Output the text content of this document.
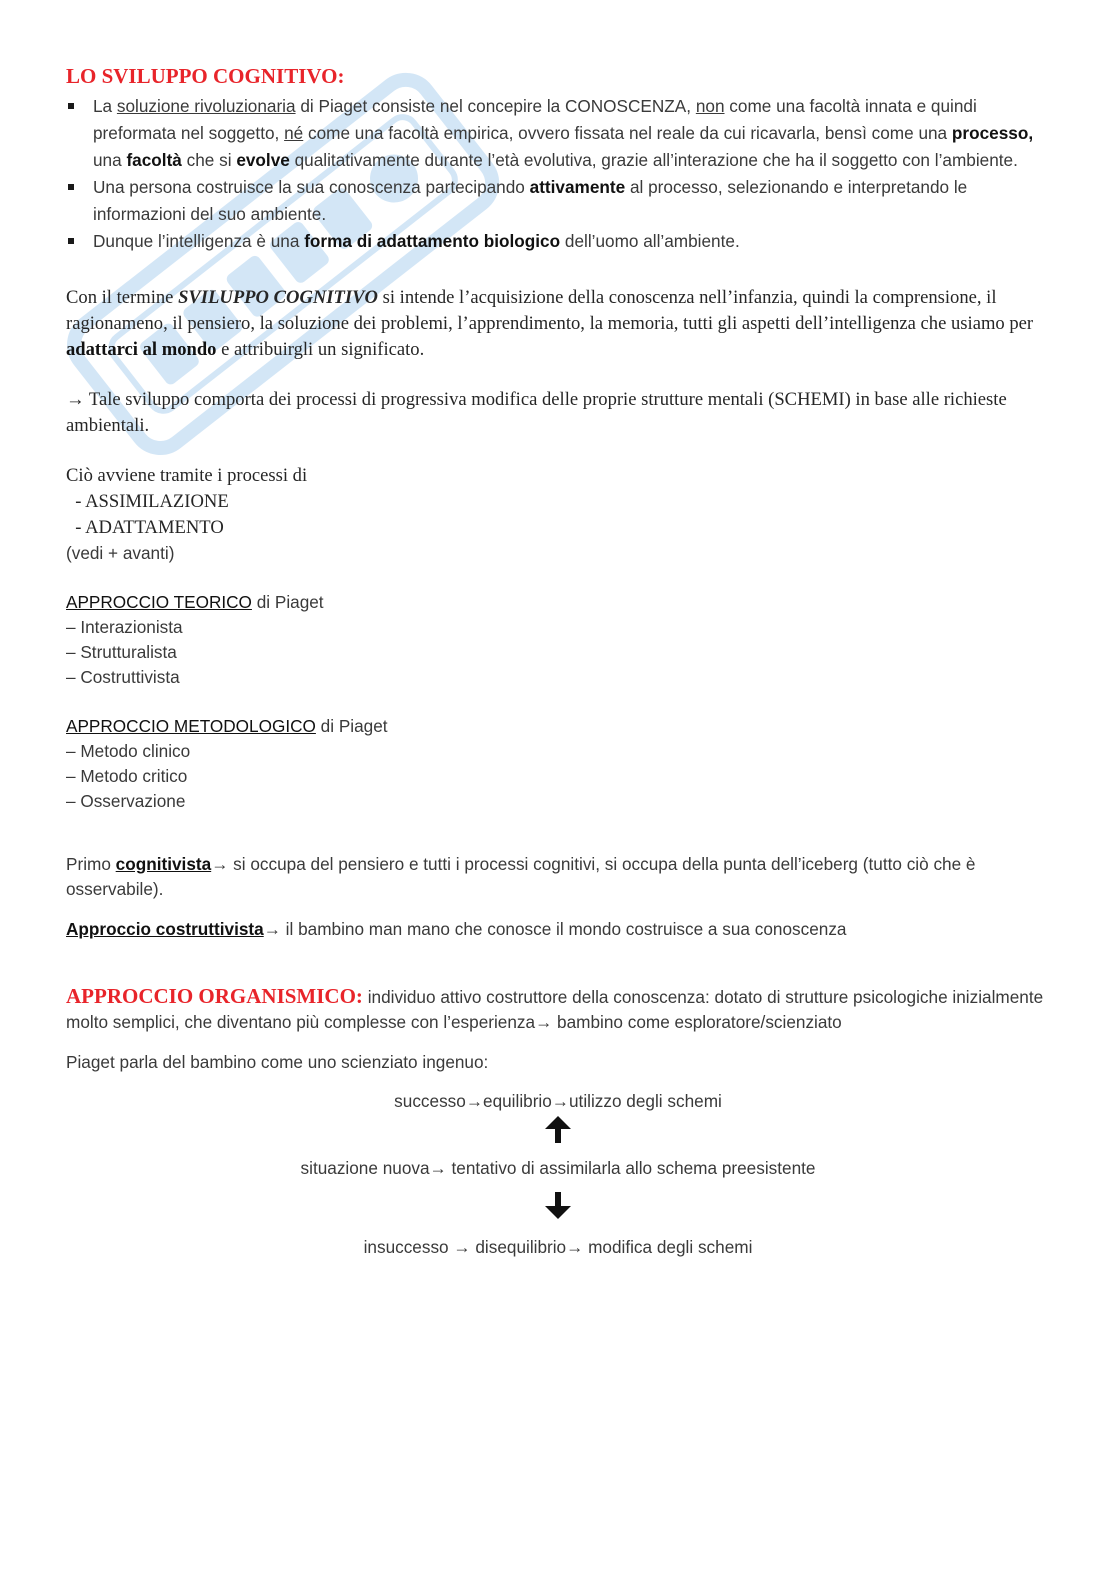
LO SVILUPPO COGNITIVO:
La soluzione rivoluzionaria di Piaget consiste nel concepire la CONOSCENZA, non come una facoltà innata e quindi preformata nel soggetto, né come una facoltà empirica, ovvero fissata nel reale da cui ricavarla, bensì come una processo, una facoltà che si evolve qualitativamente durante l’età evolutiva, grazie all’interazione che ha il soggetto con l’ambiente.
Una persona costruisce la sua conoscenza partecipando attivamente al processo, selezionando e interpretando le informazioni del suo ambiente.
Dunque l’intelligenza è una forma di adattamento biologico dell’uomo all’ambiente.

Con il termine SVILUPPO COGNITIVO si intende l’acquisizione della conoscenza nell’infanzia, quindi la comprensione, il ragionameno, il pensiero, la soluzione dei problemi, l’apprendimento, la memoria, tutti gli aspetti dell’intelligenza che usiamo per adattarci al mondo e attribuirgli un significato.

→ Tale sviluppo comporta dei processi di progressiva modifica delle proprie strutture mentali (SCHEMI) in base alle richieste ambientali.

Ciò avviene tramite i processi di

- ASSIMILAZIONE

- ADATTAMENTO

(vedi + avanti)

APPROCCIO TEORICO di Piaget

– Interazionista

– Strutturalista

– Costruttivista

APPROCCIO METODOLOGICO di Piaget

– Metodo clinico

– Metodo critico

– Osservazione

Primo cognitivista→ si occupa del pensiero e tutti i processi cognitivi, si occupa della punta dell’iceberg (tutto ciò che è osservabile).

Approccio costruttivista→ il bambino man mano che conosce il mondo costruisce a sua conoscenza

APPROCCIO ORGANISMICO: individuo attivo costruttore della conoscenza: dotato di strutture psicologiche inizialmente molto semplici, che diventano più complesse con l’esperienza→ bambino come esploratore/scienziato

Piaget parla del bambino come uno scienziato ingenuo:

successo→equilibrio→utilizzo degli schemi

situazione nuova→ tentativo di assimilarla allo schema preesistente

insuccesso → disequilibrio→ modifica degli schemi
